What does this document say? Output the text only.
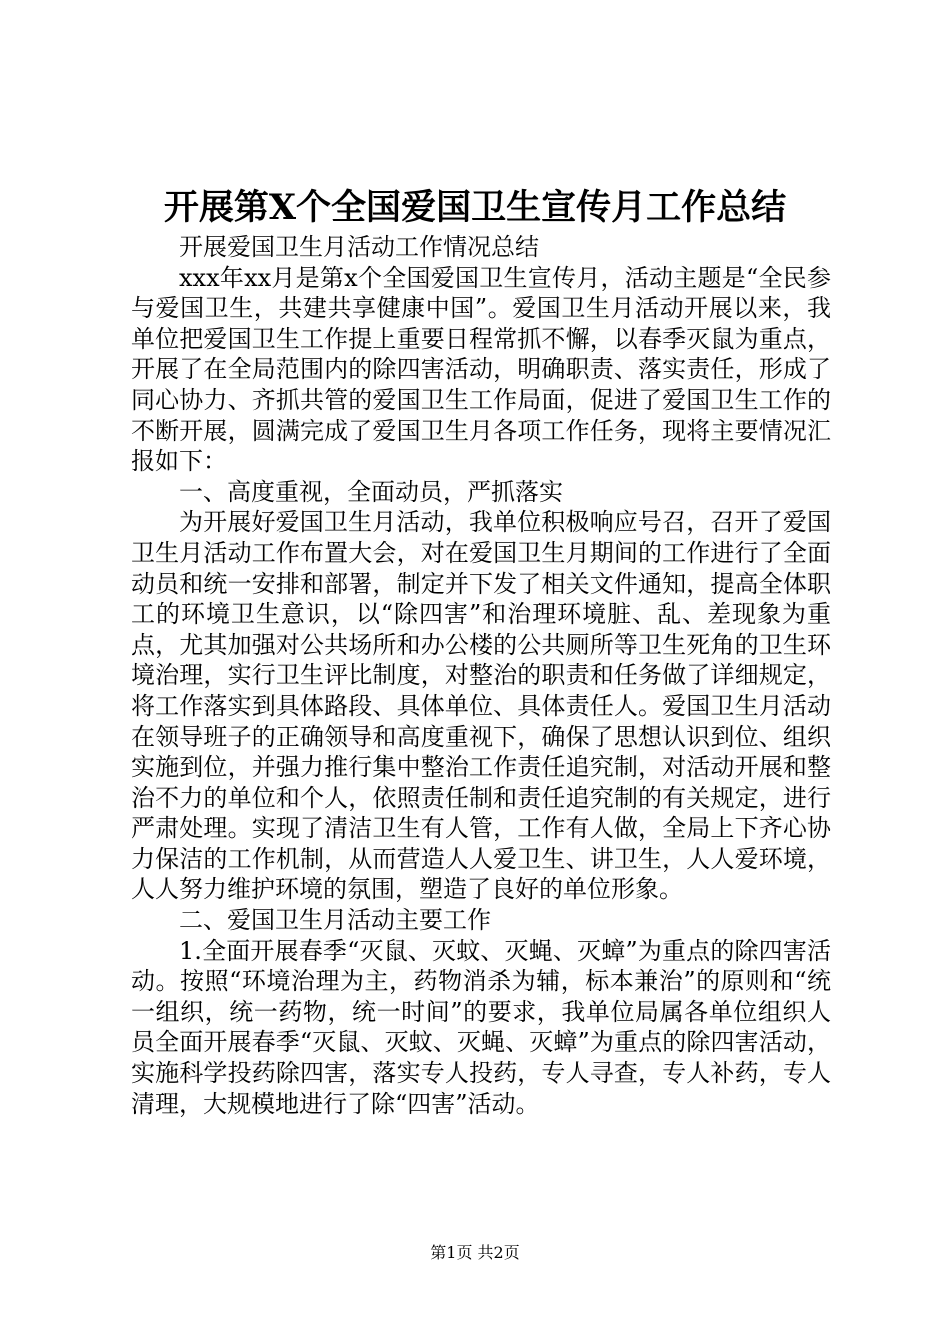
开展第X个全国爱国卫生宣传月工作总结

开展爱国卫生月活动工作情况总结

xxx年xx月是第x个全国爱国卫生宣传月，活动主题是“全民参与爱国卫生，共建共享健康中国”。爱国卫生月活动开展以来，我单位把爱国卫生工作提上重要日程常抓不懈，以春季灭鼠为重点，开展了在全局范围内的除四害活动，明确职责、落实责任，形成了同心协力、齐抓共管的爱国卫生工作局面，促进了爱国卫生工作的不断开展，圆满完成了爱国卫生月各项工作任务，现将主要情况汇报如下：

一、高度重视，全面动员，严抓落实

为开展好爱国卫生月活动，我单位积极响应号召，召开了爱国卫生月活动工作布置大会，对在爱国卫生月期间的工作进行了全面动员和统一安排和部署，制定并下发了相关文件通知，提高全体职工的环境卫生意识，以“除四害”和治理环境脏、乱、差现象为重点，尤其加强对公共场所和办公楼的公共厕所等卫生死角的卫生环境治理，实行卫生评比制度，对整治的职责和任务做了详细规定，将工作落实到具体路段、具体单位、具体责任人。爱国卫生月活动在领导班子的正确领导和高度重视下，确保了思想认识到位、组织实施到位，并强力推行集中整治工作责任追究制，对活动开展和整治不力的单位和个人，依照责任制和责任追究制的有关规定，进行严肃处理。实现了清洁卫生有人管，工作有人做，全局上下齐心协力保洁的工作机制，从而营造人人爱卫生、讲卫生，人人爱环境，人人努力维护环境的氛围，塑造了良好的单位形象。

二、爱国卫生月活动主要工作

1.全面开展春季“灭鼠、灭蚊、灭蝇、灭蟑”为重点的除四害活动。按照“环境治理为主，药物消杀为辅，标本兼治”的原则和“统一组织，统一药物，统一时间”的要求，我单位局属各单位组织人员全面开展春季“灭鼠、灭蚊、灭蝇、灭蟑”为重点的除四害活动，实施科学投药除四害，落实专人投药，专人寻查，专人补药，专人清理，大规模地进行了除“四害”活动。

第1页 共2页
